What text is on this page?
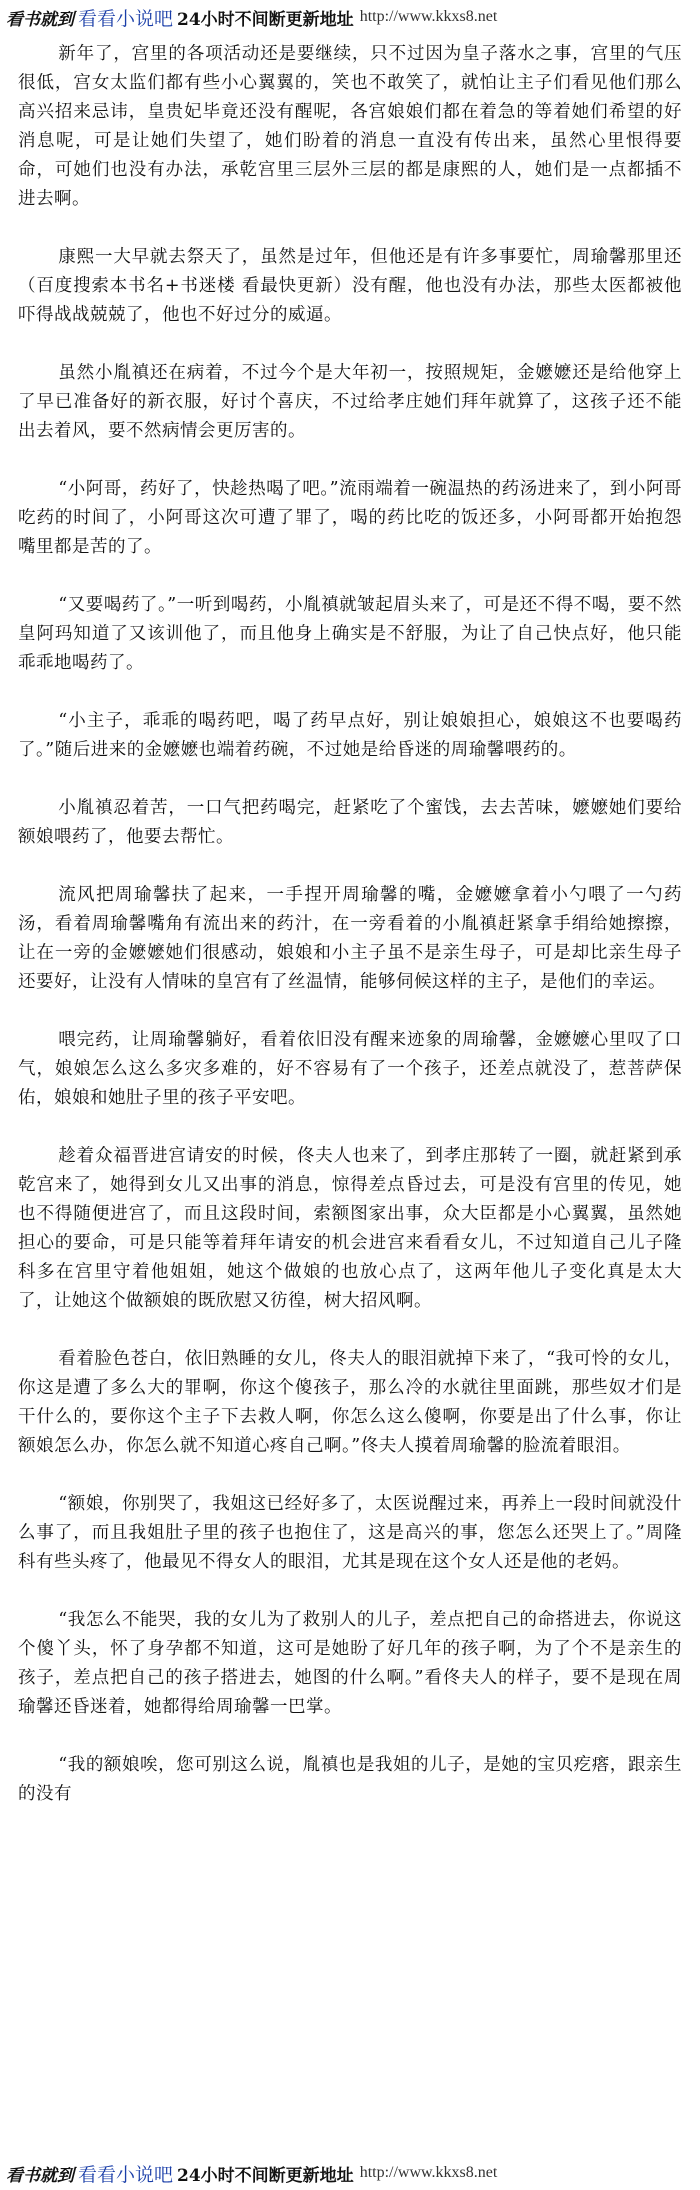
看书就到 看看小说吧 24小时不间断更新地址 http://www.kkxs8.net

新年了，宫里的各项活动还是要继续，只不过因为皇子落水之事，宫里的气压很低，宫女太监们都有些小心翼翼的，笑也不敢笑了，就怕让主子们看见他们那么高兴招来忌讳，皇贵妃毕竟还没有醒呢，各宫娘娘们都在着急的等着她们希望的好消息呢，可是让她们失望了，她们盼着的消息一直没有传出来，虽然心里恨得要命，可她们也没有办法，承乾宫里三层外三层的都是康熙的人，她们是一点都插不进去啊。

康熙一大早就去祭天了，虽然是过年，但他还是有许多事要忙，周瑜馨那里还（百度搜索本书名+书迷楼 看最快更新）没有醒，他也没有办法，那些太医都被他吓得战战兢兢了，他也不好过分的威逼。

虽然小胤禛还在病着，不过今个是大年初一，按照规矩，金嬷嬷还是给他穿上了早已准备好的新衣服，好讨个喜庆，不过给孝庄她们拜年就算了，这孩子还不能出去着风，要不然病情会更厉害的。

“小阿哥，药好了，快趁热喝了吧。”流雨端着一碗温热的药汤进来了，到小阿哥吃药的时间了，小阿哥这次可遭了罪了，喝的药比吃的饭还多，小阿哥都开始抱怨嘴里都是苦的了。

“又要喝药了。”一听到喝药，小胤禛就皱起眉头来了，可是还不得不喝，要不然皇阿玛知道了又该训他了，而且他身上确实是不舒服，为让了自己快点好，他只能乖乖地喝药了。

“小主子，乖乖的喝药吧，喝了药早点好，别让娘娘担心，娘娘这不也要喝药了。”随后进来的金嬷嬷也端着药碗，不过她是给昏迷的周瑜馨喂药的。

小胤禛忍着苦，一口气把药喝完，赶紧吃了个蜜饯，去去苦味，嬷嬷她们要给额娘喂药了，他要去帮忙。

流风把周瑜馨扶了起来，一手捏开周瑜馨的嘴，金嬷嬷拿着小勺喂了一勺药汤，看着周瑜馨嘴角有流出来的药汁，在一旁看着的小胤禛赶紧拿手绢给她擦擦，让在一旁的金嬷嬷她们很感动，娘娘和小主子虽不是亲生母子，可是却比亲生母子还要好，让没有人情味的皇宫有了丝温情，能够伺候这样的主子，是他们的幸运。

喂完药，让周瑜馨躺好，看着依旧没有醒来迹象的周瑜馨，金嬷嬷心里叹了口气，娘娘怎么这么多灾多难的，好不容易有了一个孩子，还差点就没了，惹菩萨保佑，娘娘和她肚子里的孩子平安吧。

趁着众福晋进宫请安的时候，佟夫人也来了，到孝庄那转了一圈，就赶紧到承乾宫来了，她得到女儿又出事的消息，惊得差点昏过去，可是没有宫里的传见，她也不得随便进宫了，而且这段时间，索额图家出事，众大臣都是小心翼翼，虽然她担心的要命，可是只能等着拜年请安的机会进宫来看看女儿，不过知道自己儿子隆科多在宫里守着他姐姐，她这个做娘的也放心点了，这两年他儿子变化真是太大了，让她这个做额娘的既欣慰又彷徨，树大招风啊。

看着脸色苍白，依旧熟睡的女儿，佟夫人的眼泪就掉下来了，“我可怜的女儿，你这是遭了多么大的罪啊，你这个傻孩子，那么冷的水就往里面跳，那些奴才们是干什么的，要你这个主子下去救人啊，你怎么这么傻啊，你要是出了什么事，你让额娘怎么办，你怎么就不知道心疼自己啊。”佟夫人摸着周瑜馨的脸流着眼泪。

“额娘，你别哭了，我姐这已经好多了，太医说醒过来，再养上一段时间就没什么事了，而且我姐肚子里的孩子也抱住了，这是高兴的事，您怎么还哭上了。”周隆科有些头疼了，他最见不得女人的眼泪，尤其是现在这个女人还是他的老妈。

“我怎么不能哭，我的女儿为了救别人的儿子，差点把自己的命搭进去，你说这个傻丫头，怀了身孕都不知道，这可是她盼了好几年的孩子啊，为了个不是亲生的孩子，差点把自己的孩子搭进去，她图的什么啊。”看佟夫人的样子，要不是现在周瑜馨还昏迷着，她都得给周瑜馨一巴掌。

“我的额娘唉，您可别这么说，胤禛也是我姐的儿子，是她的宝贝疙瘩，跟亲生的没有

看书就到 看看小说吧 24小时不间断更新地址 http://www.kkxs8.net
